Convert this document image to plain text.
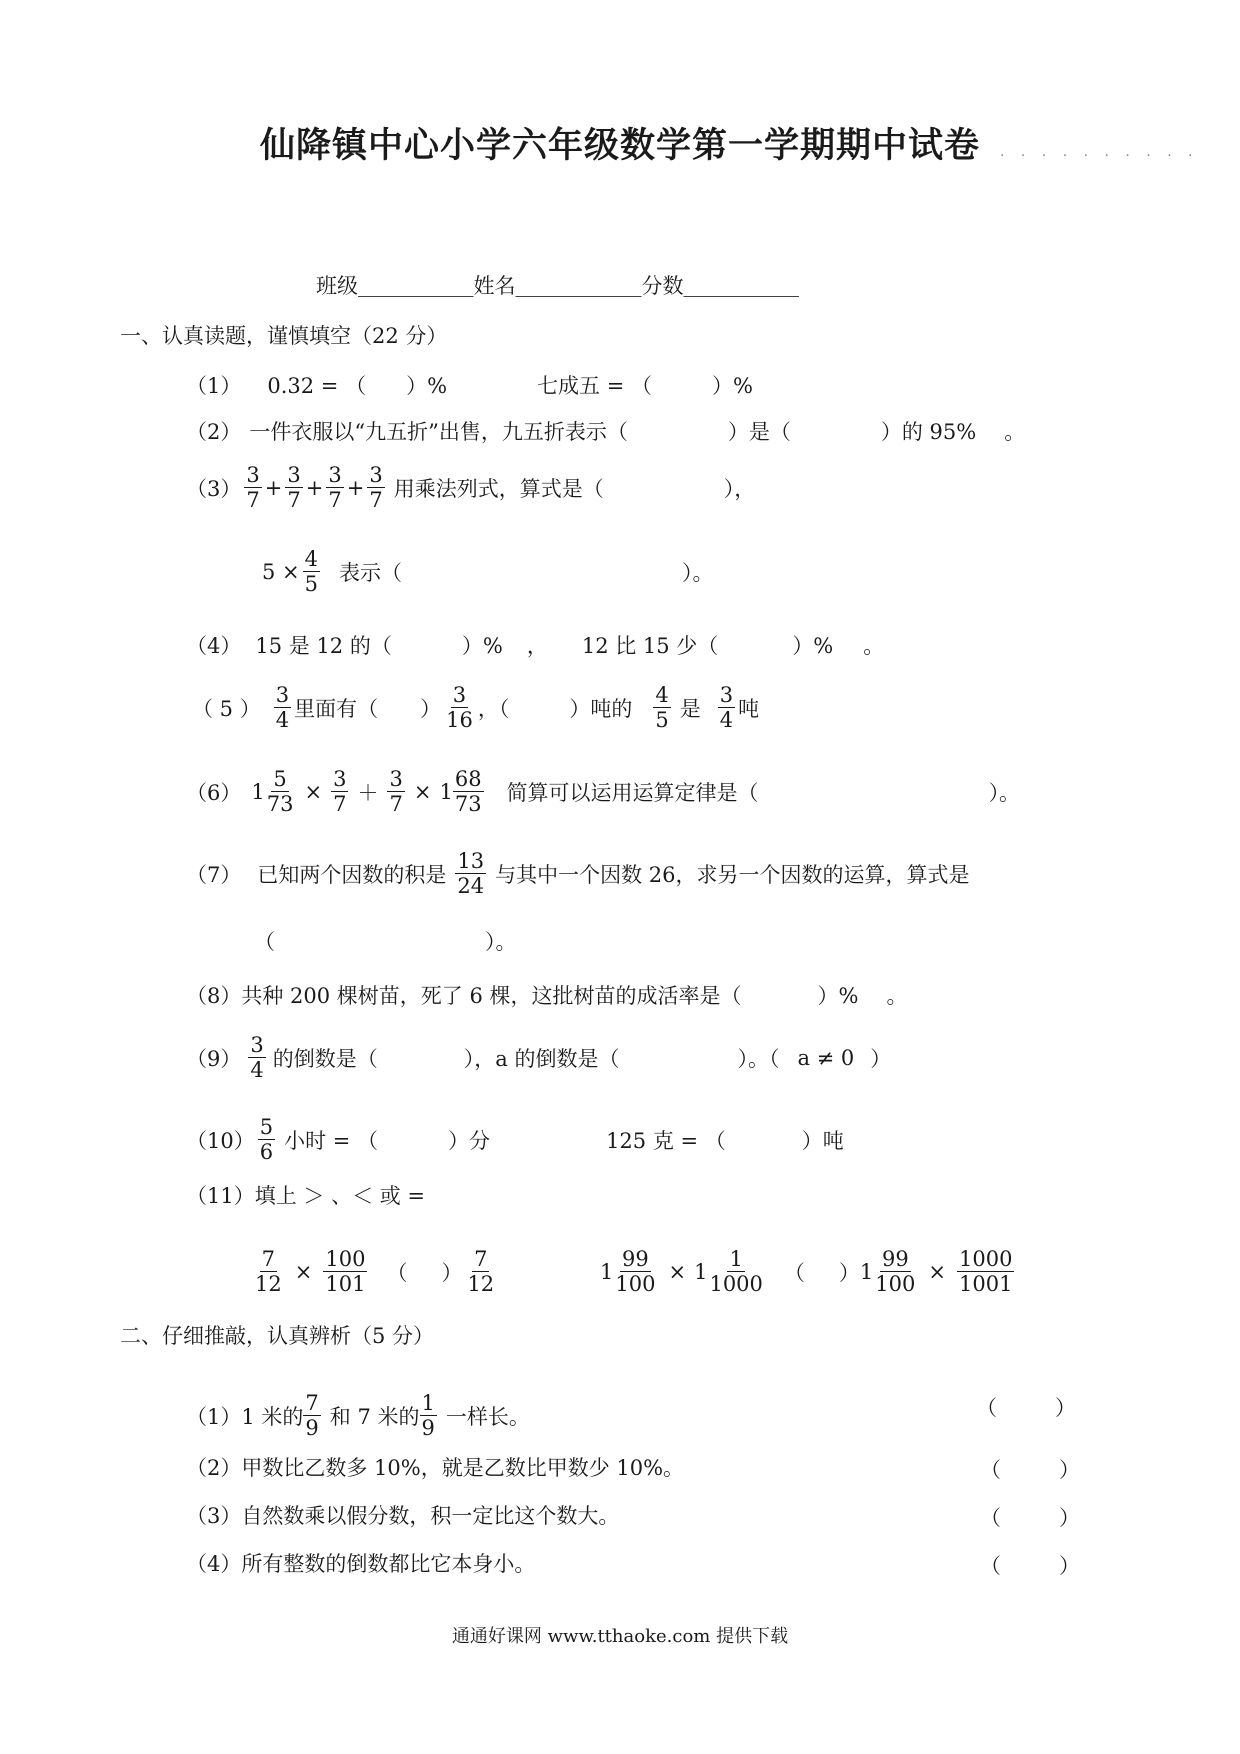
仙降镇中心小学六年级数学第一学期期中试卷	· · · · · · · · · ·
班级 ___________ 姓名 ____________ 分数 ___________
一、认真读题，谨慎填空（22 分）
（1） 0.32 = （ ）%	七成五 = （	）%
（2） 一件衣服以“九五折”出售，九五折表示（	）是（	）的 95% 。
$(3) \frac{3}{7} + \frac{3}{7} + \frac{3}{7} + \frac{3}{7}$ 用乘法列式，算式是（	），
$5 \times \frac{4}{5}$ 表示（	）。
（4） 15 是 12 的（	）% ， 12 比 15 少（	）% 。
（ 5 ） $\frac{3}{4}$ 里面有（ ） $\frac{3}{16}$ ，（	）吨的 $\frac{4}{5}$ 是 $\frac{3}{4}$ 吨
（6） $1 \frac{5}{73} \times \frac{3}{7} + \frac{3}{7} \times 1 \frac{68}{73}$ 简算可以运用运算定律是（	）。
（7） 已知两个因数的积是 $\frac{13}{24}$ 与其中一个因数 26，求另一个因数的运算，算式是
（	）。
（8） 共种 200 棵树苗，死了 6 棵，这批树苗的成活率是（	）% 。
$(9) \frac{3}{4}$ 的倒数是（	），a 的倒数是（	）。（ a ≠ 0 ）
$(10) \frac{5}{6}$ 小时 = （	）分	125 克 = （	）吨
（11） 填上 ＞ 、＜ 或 =
$\frac{7}{12} \times \frac{100}{101}$ （ ） $\frac{7}{12}$	$1 \frac{99}{100} \times 1 \frac{1}{1000}$ （ ） $1 \frac{99}{100} \times \frac{1000}{1001}$
二、仔细推敲，认真辨析（5 分）
（1）1 米的 $\frac{7}{9}$ 和 7 米的 $\frac{1}{9}$ 一样长。	（	）
（2）甲数比乙数多 10%，就是乙数比甲数少 10%。	（	）
（3）自然数乘以假分数，积一定比这个数大。	（	）
（4）所有整数的倒数都比它本身小。	（	）
通通好课网 www.tthaoke.com 提供下载
